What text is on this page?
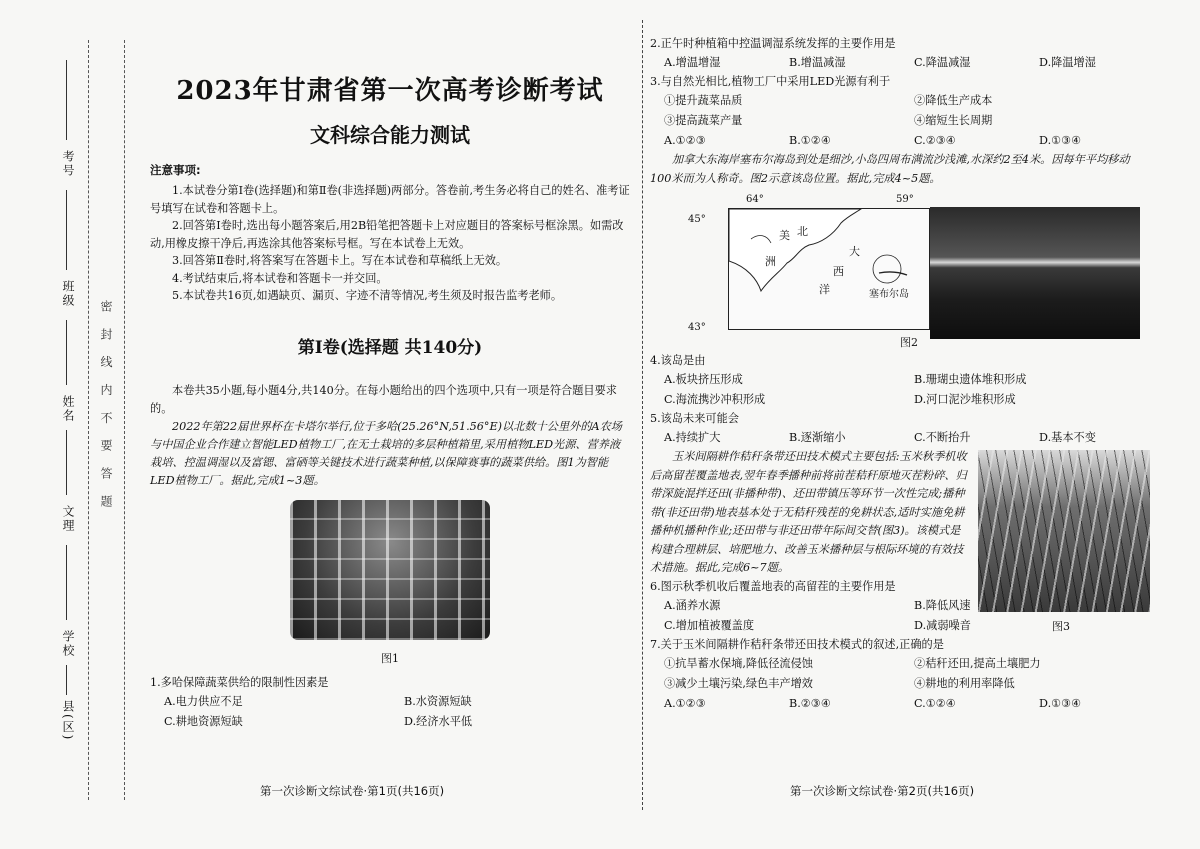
考号
班级
姓名
文理
学校
县(区)
密 封 线 内 不 要 答 题
2023年甘肃省第一次高考诊断考试
文科综合能力测试

注意事项:

1.本试卷分第Ⅰ卷(选择题)和第Ⅱ卷(非选择题)两部分。答卷前,考生务必将自己的姓名、准考证号填写在试卷和答题卡上。

2.回答第Ⅰ卷时,选出每小题答案后,用2B铅笔把答题卡上对应题目的答案标号框涂黑。如需改动,用橡皮擦干净后,再选涂其他答案标号框。写在本试卷上无效。

3.回答第Ⅱ卷时,将答案写在答题卡上。写在本试卷和草稿纸上无效。

4.考试结束后,将本试卷和答题卡一并交回。

5.本试卷共16页,如遇缺页、漏页、字迹不清等情况,考生须及时报告监考老师。

第Ⅰ卷(选择题 共140分)

本卷共35小题,每小题4分,共140分。在每小题给出的四个选项中,只有一项是符合题目要求的。

2022年第22届世界杯在卡塔尔举行,位于多哈(25.26°N,51.56°E)以北数十公里外的A农场与中国企业合作建立智能LED植物工厂,在无土栽培的多层种植箱里,采用植物LED光源、营养液栽培、控温调湿以及富锶、富硒等关键技术进行蔬菜种植,以保障赛事的蔬菜供给。图1为智能LED植物工厂。据此,完成1~3题。

图1

1.多哈保障蔬菜供给的限制性因素是

A.电力供应不足	B.水资源短缺
C.耕地资源短缺	D.经济水平低
第一次诊断文综试卷·第1页(共16页)

2.正午时种植箱中控温调湿系统发挥的主要作用是

A.增温增湿	B.增温减湿	C.降温减湿	D.降温增湿

3.与自然光相比,植物工厂中采用LED光源有利于

①提升蔬菜品质	②降低生产成本
③提高蔬菜产量	④缩短生长周期
A.①②③	B.①②④	C.②③④	D.①③④

加拿大东海岸塞布尔海岛到处是细沙,小岛四周布满流沙浅滩,水深约2至4米。因每年平均移动100米而为人称奇。图2示意该岛位置。据此,完成4~5题。

64°	59°
45°
43°
美 北
洲
大
西
洋	塞布尔岛
图2

4.该岛是由

A.板块挤压形成	B.珊瑚虫遗体堆积形成
C.海流携沙冲积形成	D.河口泥沙堆积形成

5.该岛未来可能会

A.持续扩大	B.逐渐缩小	C.不断抬升	D.基本不变

玉米间隔耕作秸秆条带还田技术模式主要包括:玉米秋季机收后高留茬覆盖地表,翌年春季播种前将前茬秸秆原地灭茬粉碎、归带深旋混拌还田(非播种带)、还田带镇压等环节一次性完成;播种带(非还田带)地表基本处于无秸秆残茬的免耕状态,适时实施免耕播种机播种作业;还田带与非还田带年际间交替(图3)。该模式是构建合理耕层、培肥地力、改善玉米播种层与根际环境的有效技术措施。据此,完成6~7题。

图3

6.图示秋季机收后覆盖地表的高留茬的主要作用是

A.涵养水源	B.降低风速
C.增加植被覆盖度	D.减弱噪音

7.关于玉米间隔耕作秸秆条带还田技术模式的叙述,正确的是

①抗旱蓄水保墒,降低径流侵蚀	②秸秆还田,提高土壤肥力
③减少土壤污染,绿色丰产增效	④耕地的利用率降低
A.①②③	B.②③④	C.①②④	D.①③④
第一次诊断文综试卷·第2页(共16页)
